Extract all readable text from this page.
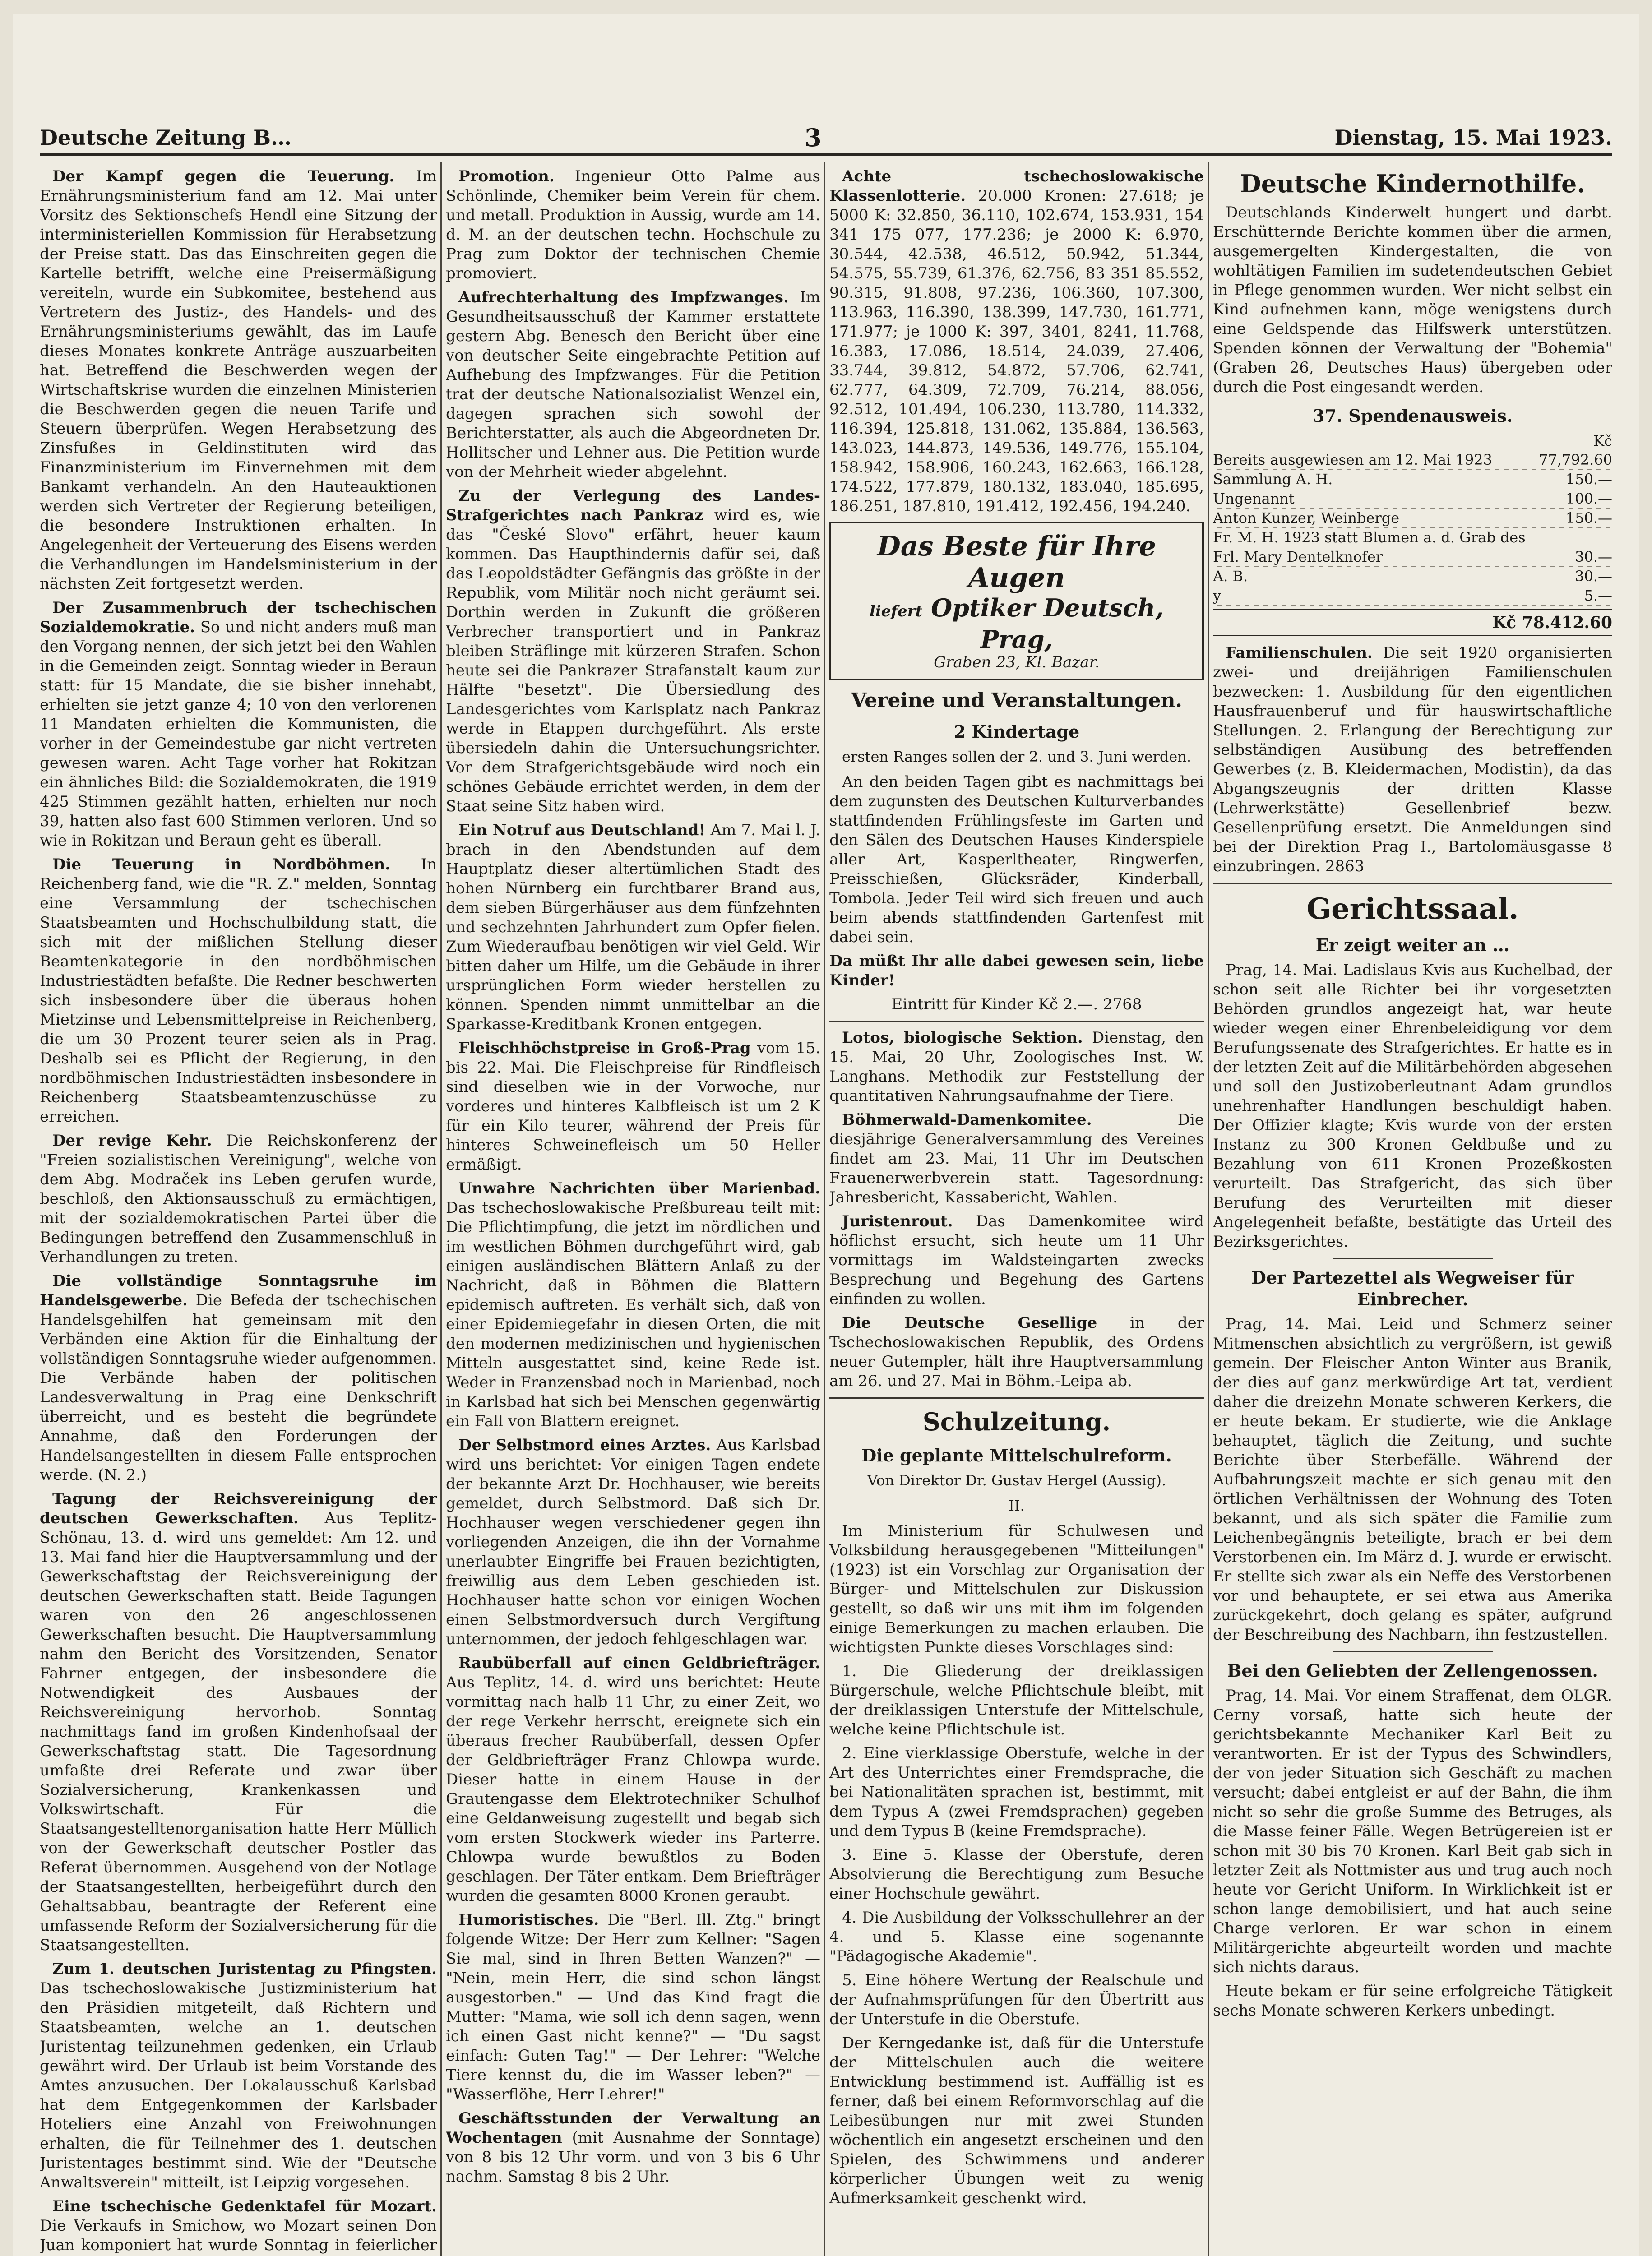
Deutsche Zeitung B…	3	Dienstag, 15. Mai 1923.

Der Kampf gegen die Teuerung. Im Ernährungsministerium fand am 12. Mai unter Vorsitz des Sektionschefs Hendl eine Sitzung der interministeriellen Kommission für Herabsetzung der Preise statt. Das das Einschreiten gegen die Kartelle betrifft, welche eine Preisermäßigung vereiteln, wurde ein Subkomitee, bestehend aus Vertretern des Justiz-, des Handels- und des Ernährungsministeriums gewählt, das im Laufe dieses Monates konkrete Anträge auszuarbeiten hat. Betreffend die Beschwerden wegen der Wirtschaftskrise wurden die einzelnen Ministerien die Beschwerden gegen die neuen Tarife und Steuern überprüfen. Wegen Herabsetzung des Zinsfußes in Geldinstituten wird das Finanzministerium im Einvernehmen mit dem Bankamt verhandeln. An den Hauteauktionen werden sich Vertreter der Regierung beteiligen, die besondere Instruktionen erhalten. In Angelegenheit der Verteuerung des Eisens werden die Verhandlungen im Handelsministerium in der nächsten Zeit fortgesetzt werden.

Der Zusammenbruch der tschechischen Sozialdemokratie. So und nicht anders muß man den Vorgang nennen, der sich jetzt bei den Wahlen in die Gemeinden zeigt. Sonntag wieder in Beraun statt: für 15 Mandate, die sie bisher innehabt, erhielten sie jetzt ganze 4; 10 von den verlorenen 11 Mandaten erhielten die Kommunisten, die vorher in der Gemeindestube gar nicht vertreten gewesen waren. Acht Tage vorher hat Rokitzan ein ähnliches Bild: die Sozialdemokraten, die 1919 425 Stimmen gezählt hatten, erhielten nur noch 39, hatten also fast 600 Stimmen verloren. Und so wie in Rokitzan und Beraun geht es überall.

Die Teuerung in Nordböhmen. In Reichenberg fand, wie die "R. Z." melden, Sonntag eine Versammlung der tschechischen Staatsbeamten und Hochschulbildung statt, die sich mit der mißlichen Stellung dieser Beamtenkategorie in den nordböhmischen Industriestädten befaßte. Die Redner beschwerten sich insbesondere über die überaus hohen Mietzinse und Lebensmittelpreise in Reichenberg, die um 30 Prozent teurer seien als in Prag. Deshalb sei es Pflicht der Regierung, in den nordböhmischen Industriestädten insbesondere in Reichenberg Staatsbeamtenzuschüsse zu erreichen.

Der revige Kehr. Die Reichskonferenz der "Freien sozialistischen Vereinigung", welche von dem Abg. Modraček ins Leben gerufen wurde, beschloß, den Aktionsausschuß zu ermächtigen, mit der sozialdemokratischen Partei über die Bedingungen betreffend den Zusammenschluß in Verhandlungen zu treten.

Die vollständige Sonntagsruhe im Handelsgewerbe. Die Befeda der tschechischen Handelsgehilfen hat gemeinsam mit den Verbänden eine Aktion für die Einhaltung der vollständigen Sonntagsruhe wieder aufgenommen. Die Verbände haben der politischen Landesverwaltung in Prag eine Denkschrift überreicht, und es besteht die begründete Annahme, daß den Forderungen der Handelsangestellten in diesem Falle entsprochen werde. (N. 2.)

Tagung der Reichsvereinigung der deutschen Gewerkschaften. Aus Teplitz-Schönau, 13. d. wird uns gemeldet: Am 12. und 13. Mai fand hier die Hauptversammlung und der Gewerkschaftstag der Reichsvereinigung der deutschen Gewerkschaften statt. Beide Tagungen waren von den 26 angeschlossenen Gewerkschaften besucht. Die Hauptversammlung nahm den Bericht des Vorsitzenden, Senator Fahrner entgegen, der insbesondere die Notwendigkeit des Ausbaues der Reichsvereinigung hervorhob. Sonntag nachmittags fand im großen Kindenhofsaal der Gewerkschaftstag statt. Die Tagesordnung umfaßte drei Referate und zwar über Sozialversicherung, Krankenkassen und Volkswirtschaft. Für die Staatsangestelltenorganisation hatte Herr Müllich von der Gewerkschaft deutscher Postler das Referat übernommen. Ausgehend von der Notlage der Staatsangestellten, herbeigeführt durch den Gehaltsabbau, beantragte der Referent eine umfassende Reform der Sozialversicherung für die Staatsangestellten.

Zum 1. deutschen Juristentag zu Pfingsten. Das tschechoslowakische Justizministerium hat den Präsidien mitgeteilt, daß Richtern und Staatsbeamten, welche an 1. deutschen Juristentag teilzunehmen gedenken, ein Urlaub gewährt wird. Der Urlaub ist beim Vorstande des Amtes anzusuchen. Der Lokalausschuß Karlsbad hat dem Entgegenkommen der Karlsbader Hoteliers eine Anzahl von Freiwohnungen erhalten, die für Teilnehmer des 1. deutschen Juristentages bestimmt sind. Wie der "Deutsche Anwaltsverein" mitteilt, ist Leipzig vorgesehen.

Eine tschechische Gedenktafel für Mozart. Die Verkaufs in Smichow, wo Mozart seinen Don Juan komponiert hat wurde Sonntag in feierlicher

Promotion. Ingenieur Otto Palme aus Schönlinde, Chemiker beim Verein für chem. und metall. Produktion in Aussig, wurde am 14. d. M. an der deutschen techn. Hochschule zu Prag zum Doktor der technischen Chemie promoviert.

Aufrechterhaltung des Impfzwanges. Im Gesundheitsausschuß der Kammer erstattete gestern Abg. Benesch den Bericht über eine von deutscher Seite eingebrachte Petition auf Aufhebung des Impfzwanges. Für die Petition trat der deutsche Nationalsozialist Wenzel ein, dagegen sprachen sich sowohl der Berichterstatter, als auch die Abgeordneten Dr. Hollitscher und Lehner aus. Die Petition wurde von der Mehrheit wieder abgelehnt.

Zu der Verlegung des Landes-Strafgerichtes nach Pankraz wird es, wie das "České Slovo" erfährt, heuer kaum kommen. Das Haupthindernis dafür sei, daß das Leopoldstädter Gefängnis das größte in der Republik, vom Militär noch nicht geräumt sei. Dorthin werden in Zukunft die größeren Verbrecher transportiert und in Pankraz bleiben Sträflinge mit kürzeren Strafen. Schon heute sei die Pankrazer Strafanstalt kaum zur Hälfte "besetzt". Die Übersiedlung des Landesgerichtes vom Karlsplatz nach Pankraz werde in Etappen durchgeführt. Als erste übersiedeln dahin die Untersuchungsrichter. Vor dem Strafgerichtsgebäude wird noch ein schönes Gebäude errichtet werden, in dem der Staat seine Sitz haben wird.

Ein Notruf aus Deutschland! Am 7. Mai l. J. brach in den Abendstunden auf dem Hauptplatz dieser altertümlichen Stadt des hohen Nürnberg ein furchtbarer Brand aus, dem sieben Bürgerhäuser aus dem fünfzehnten und sechzehnten Jahrhundert zum Opfer fielen. Zum Wiederaufbau benötigen wir viel Geld. Wir bitten daher um Hilfe, um die Gebäude in ihrer ursprünglichen Form wieder herstellen zu können. Spenden nimmt unmittelbar an die Sparkasse-Kreditbank Kronen entgegen.

Fleischhöchstpreise in Groß-Prag vom 15. bis 22. Mai. Die Fleischpreise für Rindfleisch sind dieselben wie in der Vorwoche, nur vorderes und hinteres Kalbfleisch ist um 2 K für ein Kilo teurer, während der Preis für hinteres Schweinefleisch um 50 Heller ermäßigt.

Unwahre Nachrichten über Marienbad. Das tschechoslowakische Preßbureau teilt mit: Die Pflichtimpfung, die jetzt im nördlichen und im westlichen Böhmen durchgeführt wird, gab einigen ausländischen Blättern Anlaß zu der Nachricht, daß in Böhmen die Blattern epidemisch auftreten. Es verhält sich, daß von einer Epidemiegefahr in diesen Orten, die mit den modernen medizinischen und hygienischen Mitteln ausgestattet sind, keine Rede ist. Weder in Franzensbad noch in Marienbad, noch in Karlsbad hat sich bei Menschen gegenwärtig ein Fall von Blattern ereignet.

Der Selbstmord eines Arztes. Aus Karlsbad wird uns berichtet: Vor einigen Tagen endete der bekannte Arzt Dr. Hochhauser, wie bereits gemeldet, durch Selbstmord. Daß sich Dr. Hochhauser wegen verschiedener gegen ihn vorliegenden Anzeigen, die ihn der Vornahme unerlaubter Eingriffe bei Frauen bezichtigten, freiwillig aus dem Leben geschieden ist. Hochhauser hatte schon vor einigen Wochen einen Selbstmordversuch durch Vergiftung unternommen, der jedoch fehlgeschlagen war.

Raubüberfall auf einen Geldbriefträger. Aus Teplitz, 14. d. wird uns berichtet: Heute vormittag nach halb 11 Uhr, zu einer Zeit, wo der rege Verkehr herrscht, ereignete sich ein überaus frecher Raubüberfall, dessen Opfer der Geldbriefträger Franz Chlowpa wurde. Dieser hatte in einem Hause in der Grautengasse dem Elektrotechniker Schulhof eine Geldanweisung zugestellt und begab sich vom ersten Stockwerk wieder ins Parterre. Chlowpa wurde bewußtlos zu Boden geschlagen. Der Täter entkam. Dem Briefträger wurden die gesamten 8000 Kronen geraubt.

Humoristisches. Die "Berl. Ill. Ztg." bringt folgende Witze: Der Herr zum Kellner: "Sagen Sie mal, sind in Ihren Betten Wanzen?" — "Nein, mein Herr, die sind schon längst ausgestorben." — Und das Kind fragt die Mutter: "Mama, wie soll ich denn sagen, wenn ich einen Gast nicht kenne?" — "Du sagst einfach: Guten Tag!" — Der Lehrer: "Welche Tiere kennst du, die im Wasser leben?" — "Wasserflöhe, Herr Lehrer!"

Geschäftsstunden der Verwaltung an Wochentagen (mit Ausnahme der Sonntage) von 8 bis 12 Uhr vorm. und von 3 bis 6 Uhr nachm. Samstag 8 bis 2 Uhr.

Achte tschechoslowakische Klassenlotterie. 20.000 Kronen: 27.618; je 5000 K: 32.850, 36.110, 102.674, 153.931, 154 341 175 077, 177.236; je 2000 K: 6.970, 30.544, 42.538, 46.512, 50.942, 51.344, 54.575, 55.739, 61.376, 62.756, 83 351 85.552, 90.315, 91.808, 97.236, 106.360, 107.300, 113.963, 116.390, 138.399, 147.730, 161.771, 171.977; je 1000 K: 397, 3401, 8241, 11.768, 16.383, 17.086, 18.514, 24.039, 27.406, 33.744, 39.812, 54.872, 57.706, 62.741, 62.777, 64.309, 72.709, 76.214, 88.056, 92.512, 101.494, 106.230, 113.780, 114.332, 116.394, 125.818, 131.062, 135.884, 136.563, 143.023, 144.873, 149.536, 149.776, 155.104, 158.942, 158.906, 160.243, 162.663, 166.128, 174.522, 177.879, 180.132, 183.040, 185.695, 186.251, 187.810, 191.412, 192.456, 194.240.

Das Beste für Ihre Augen
liefert Optiker Deutsch, Prag,
Graben 23, Kl. Bazar.
Vereine und Veranstaltungen.
2 Kindertage
ersten Ranges sollen der 2. und 3. Juni werden.

An den beiden Tagen gibt es nachmittags bei dem zugunsten des Deutschen Kulturverbandes stattfindenden Frühlingsfeste im Garten und den Sälen des Deutschen Hauses Kinderspiele aller Art, Kasperltheater, Ringwerfen, Preisschießen, Glücksräder, Kinderball, Tombola. Jeder Teil wird sich freuen und auch beim abends stattfindenden Gartenfest mit dabei sein.

Da müßt Ihr alle dabei gewesen sein, liebe Kinder!

Eintritt für Kinder Kč 2.—. 2768

Lotos, biologische Sektion. Dienstag, den 15. Mai, 20 Uhr, Zoologisches Inst. W. Langhans. Methodik zur Feststellung der quantitativen Nahrungsaufnahme der Tiere.

Böhmerwald-Damenkomitee. Die diesjährige Generalversammlung des Vereines findet am 23. Mai, 11 Uhr im Deutschen Frauenerwerbverein statt. Tagesordnung: Jahresbericht, Kassabericht, Wahlen.

Juristenrout. Das Damenkomitee wird höflichst ersucht, sich heute um 11 Uhr vormittags im Waldsteingarten zwecks Besprechung und Begehung des Gartens einfinden zu wollen.

Die Deutsche Gesellige in der Tschechoslowakischen Republik, des Ordens neuer Gutempler, hält ihre Hauptversammlung am 26. und 27. Mai in Böhm.-Leipa ab.

Schulzeitung.
Die geplante Mittelschulreform.
Von Direktor Dr. Gustav Hergel (Aussig).
II.

Im Ministerium für Schulwesen und Volksbildung herausgegebenen "Mitteilungen" (1923) ist ein Vorschlag zur Organisation der Bürger- und Mittelschulen zur Diskussion gestellt, so daß wir uns mit ihm im folgenden einige Bemerkungen zu machen erlauben. Die wichtigsten Punkte dieses Vorschlages sind:

1. Die Gliederung der dreiklassigen Bürgerschule, welche Pflichtschule bleibt, mit der dreiklassigen Unterstufe der Mittelschule, welche keine Pflichtschule ist.

2. Eine vierklassige Oberstufe, welche in der Art des Unterrichtes einer Fremdsprache, die bei Nationalitäten sprachen ist, bestimmt, mit dem Typus A (zwei Fremdsprachen) gegeben und dem Typus B (keine Fremdsprache).

3. Eine 5. Klasse der Oberstufe, deren Absolvierung die Berechtigung zum Besuche einer Hochschule gewährt.

4. Die Ausbildung der Volksschullehrer an der 4. und 5. Klasse eine sogenannte "Pädagogische Akademie".

5. Eine höhere Wertung der Realschule und der Aufnahmsprüfungen für den Übertritt aus der Unterstufe in die Oberstufe.

Der Kerngedanke ist, daß für die Unterstufe der Mittelschulen auch die weitere Entwicklung bestimmend ist. Auffällig ist es ferner, daß bei einem Reformvorschlag auf die Leibesübungen nur mit zwei Stunden wöchentlich ein angesetzt erscheinen und den Spielen, des Schwimmens und anderer körperlicher Übungen weit zu wenig Aufmerksamkeit geschenkt wird.

Deutsche Kindernothilfe.

Deutschlands Kinderwelt hungert und darbt. Erschütternde Berichte kommen über die armen, ausgemergelten Kindergestalten, die von wohltätigen Familien im sudetendeutschen Gebiet in Pflege genommen wurden. Wer nicht selbst ein Kind aufnehmen kann, möge wenigstens durch eine Geldspende das Hilfswerk unterstützen. Spenden können der Verwaltung der "Bohemia" (Graben 26, Deutsches Haus) übergeben oder durch die Post eingesandt werden.

37. Spendenausweis.
Kč
Bereits ausgewiesen am 12. Mai 1923	77,792.60
Sammlung A. H.	150.—
Ungenannt	100.—
Anton Kunzer, Weinberge	150.—
Fr. M. H. 1923 statt Blumen a. d. Grab des
Frl. Mary Dentelknofer	30.—
A. B.	30.—
y	5.—
Kč 78.412.60

Familienschulen. Die seit 1920 organisierten zwei- und dreijährigen Familienschulen bezwecken: 1. Ausbildung für den eigentlichen Hausfrauenberuf und für hauswirtschaftliche Stellungen. 2. Erlangung der Berechtigung zur selbständigen Ausübung des betreffenden Gewerbes (z. B. Kleidermachen, Modistin), da das Abgangszeugnis der dritten Klasse (Lehrwerkstätte) Gesellenbrief bezw. Gesellenprüfung ersetzt. Die Anmeldungen sind bei der Direktion Prag I., Bartolomäusgasse 8 einzubringen. 2863

Gerichtssaal.
Er zeigt weiter an …

Prag, 14. Mai. Ladislaus Kvis aus Kuchelbad, der schon seit alle Richter bei ihr vorgesetzten Behörden grundlos angezeigt hat, war heute wieder wegen einer Ehrenbeleidigung vor dem Berufungssenate des Strafgerichtes. Er hatte es in der letzten Zeit auf die Militärbehörden abgesehen und soll den Justizoberleutnant Adam grundlos unehrenhafter Handlungen beschuldigt haben. Der Offizier klagte; Kvis wurde von der ersten Instanz zu 300 Kronen Geldbuße und zu Bezahlung von 611 Kronen Prozeßkosten verurteilt. Das Strafgericht, das sich über Berufung des Verurteilten mit dieser Angelegenheit befaßte, bestätigte das Urteil des Bezirksgerichtes.

Der Partezettel als Wegweiser für Einbrecher.

Prag, 14. Mai. Leid und Schmerz seiner Mitmenschen absichtlich zu vergrößern, ist gewiß gemein. Der Fleischer Anton Winter aus Branik, der dies auf ganz merkwürdige Art tat, verdient daher die dreizehn Monate schweren Kerkers, die er heute bekam. Er studierte, wie die Anklage behauptet, täglich die Zeitung, und suchte Berichte über Sterbefälle. Während der Aufbahrungszeit machte er sich genau mit den örtlichen Verhältnissen der Wohnung des Toten bekannt, und als sich später die Familie zum Leichenbegängnis beteiligte, brach er bei dem Verstorbenen ein. Im März d. J. wurde er erwischt. Er stellte sich zwar als ein Neffe des Verstorbenen vor und behauptete, er sei etwa aus Amerika zurückgekehrt, doch gelang es später, aufgrund der Beschreibung des Nachbarn, ihn festzustellen.

Bei den Geliebten der Zellengenossen.

Prag, 14. Mai. Vor einem Straffenat, dem OLGR. Cerny vorsaß, hatte sich heute der gerichtsbekannte Mechaniker Karl Beit zu verantworten. Er ist der Typus des Schwindlers, der von jeder Situation sich Geschäft zu machen versucht; dabei entgleist er auf der Bahn, die ihm nicht so sehr die große Summe des Betruges, als die Masse feiner Fälle. Wegen Betrügereien ist er schon mit 30 bis 70 Kronen. Karl Beit gab sich in letzter Zeit als Nottmister aus und trug auch noch heute vor Gericht Uniform. In Wirklichkeit ist er schon lange demobilisiert, und hat auch seine Charge verloren. Er war schon in einem Militärgerichte abgeurteilt worden und machte sich nichts daraus.

Heute bekam er für seine erfolgreiche Tätigkeit sechs Monate schweren Kerkers unbedingt.
